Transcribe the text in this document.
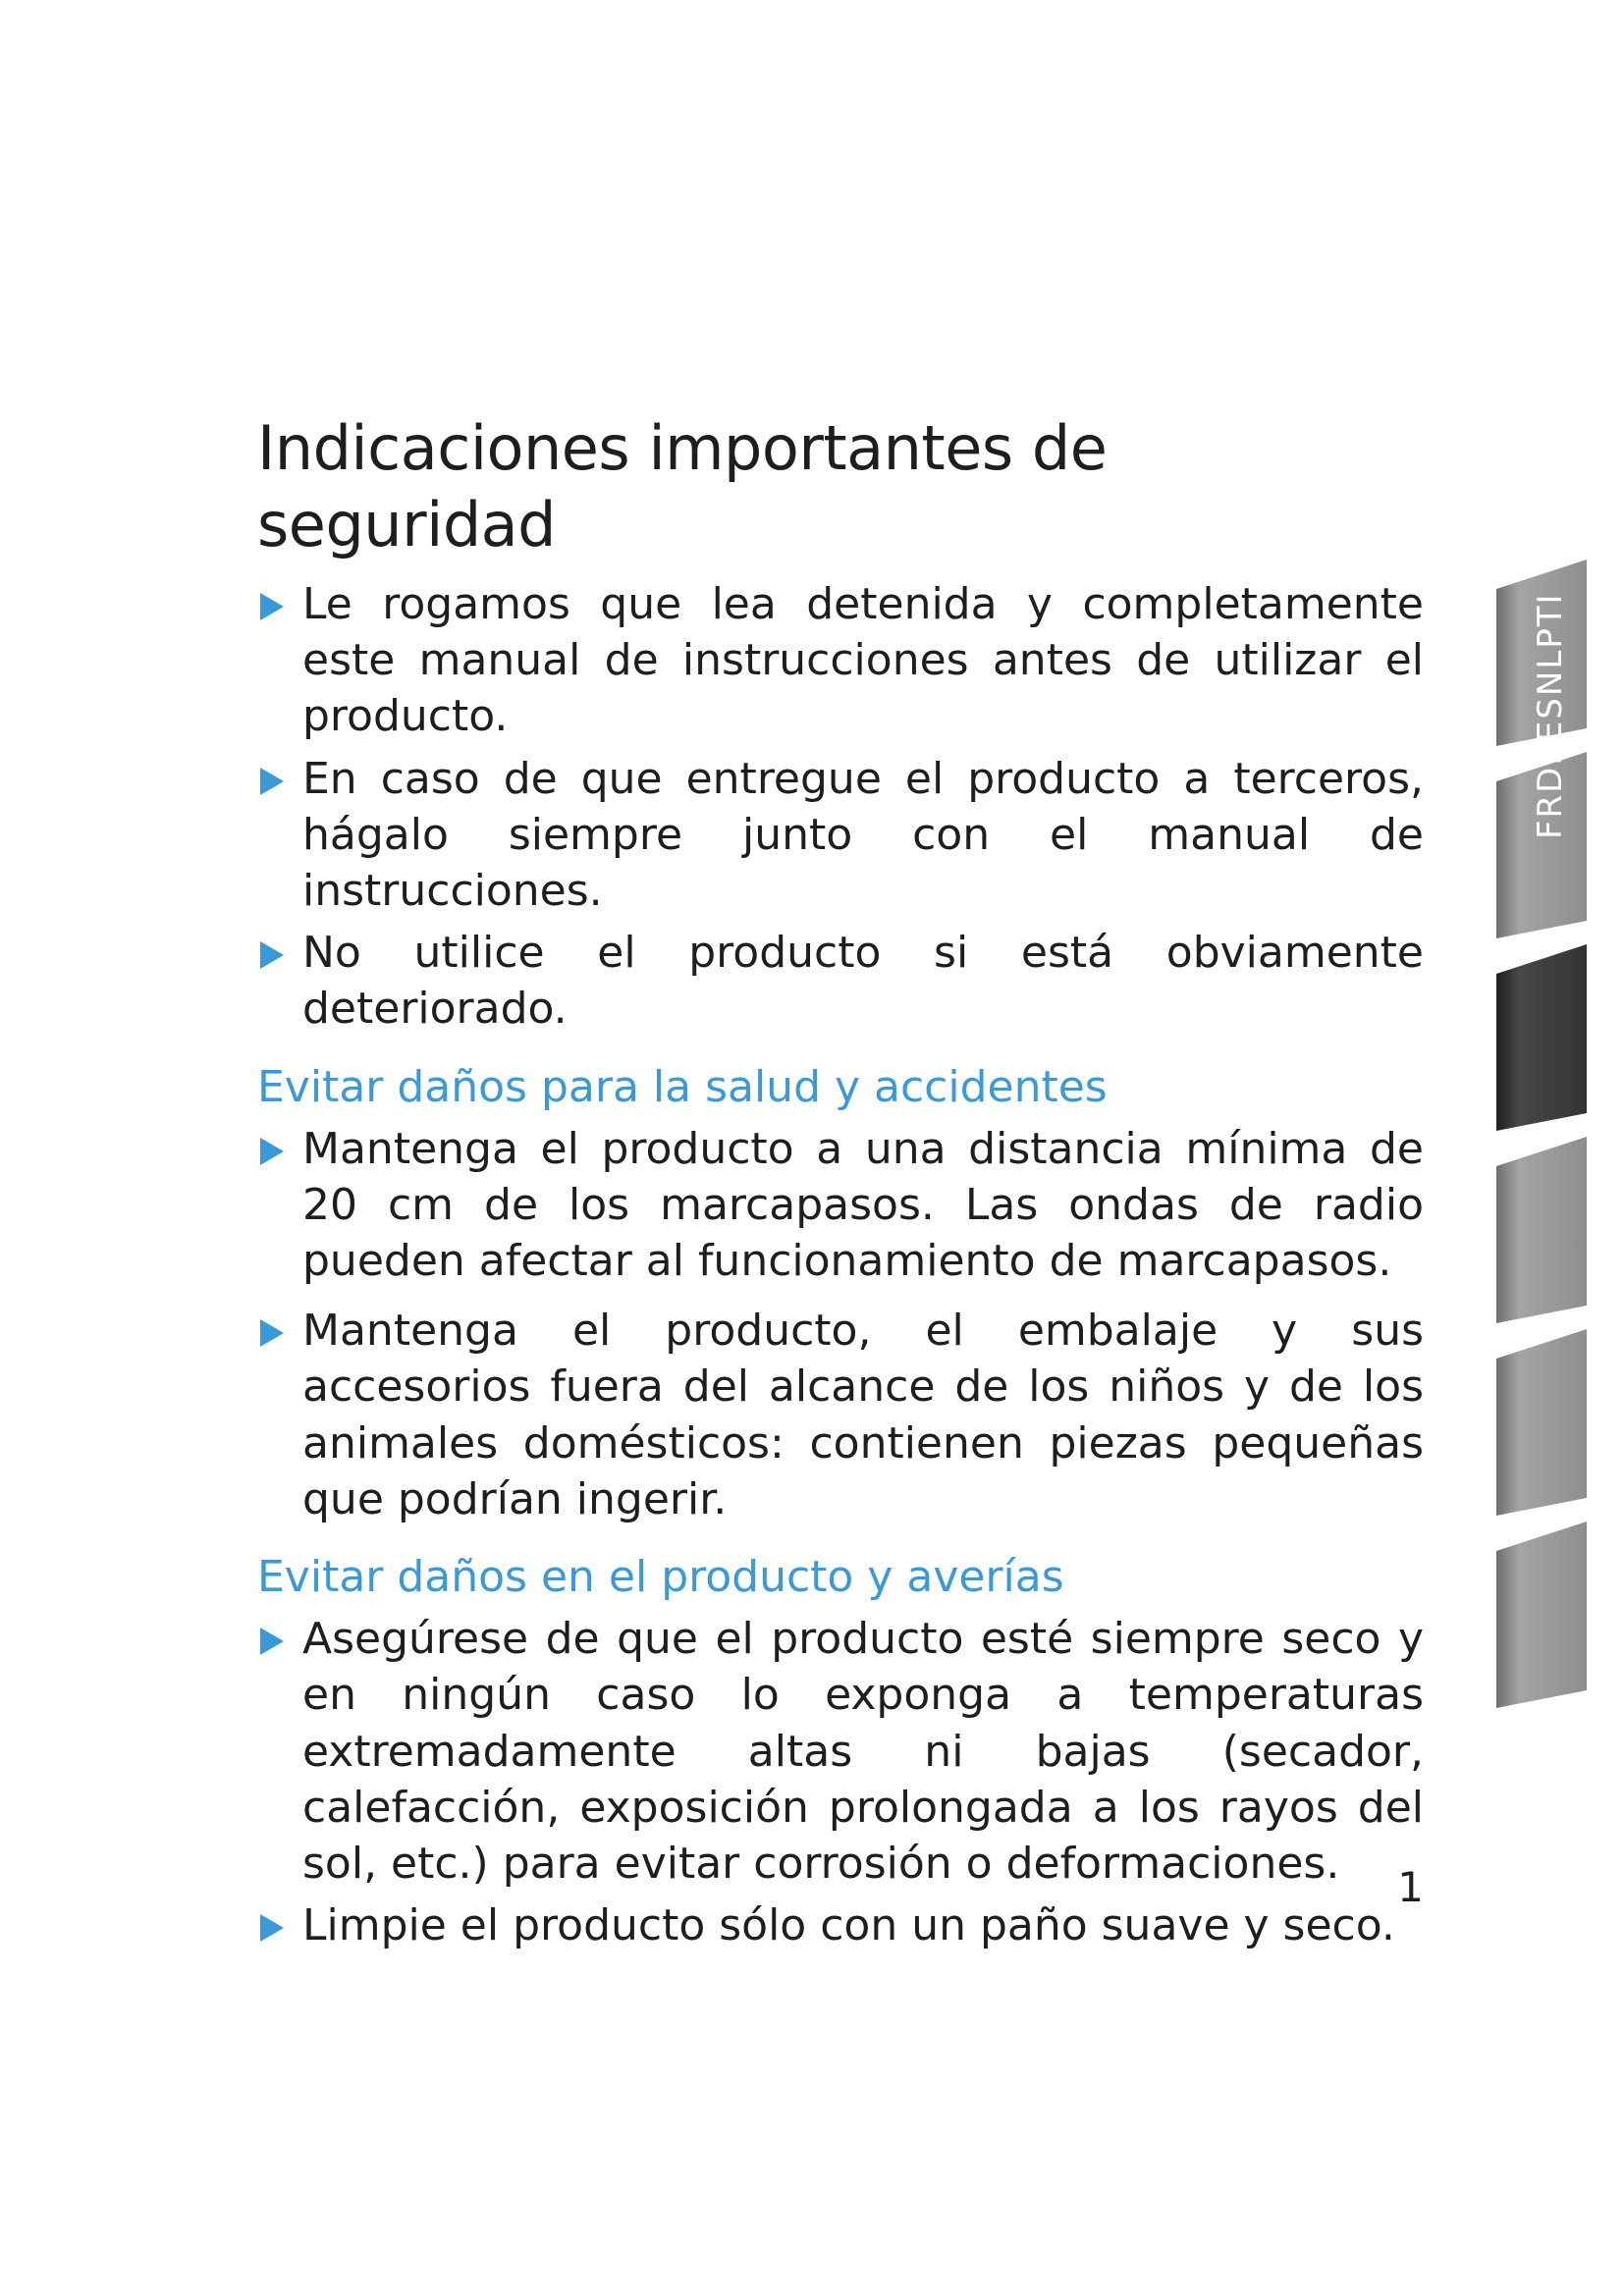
Indicaciones importantes de seguridad
Le rogamos que lea detenida y completamente este manual de instrucciones antes de utilizar el producto.
En caso de que entregue el producto a terceros, hágalo siempre junto con el manual de instrucciones.
No utilice el producto si está obviamente deteriorado.
Evitar daños para la salud y accidentes
Mantenga el producto a una distancia mínima de 20 cm de los marcapasos. Las ondas de radio pueden afectar al funcionamiento de marcapasos.
Mantenga el producto, el embalaje y sus accesorios fuera del alcance de los niños y de los animales domésticos: contienen piezas pequeñas que podrían ingerir.
Evitar daños en el producto y averías
Asegúrese de que el producto esté siempre seco y en ningún caso lo exponga a temperaturas extremadamente altas ni bajas (secador, calefacción, exposición prolongada a los rayos del sol, etc.) para evitar corrosión o deformaciones.
Limpie el producto sólo con un paño suave y seco.
1
FRDEESNLPTI
